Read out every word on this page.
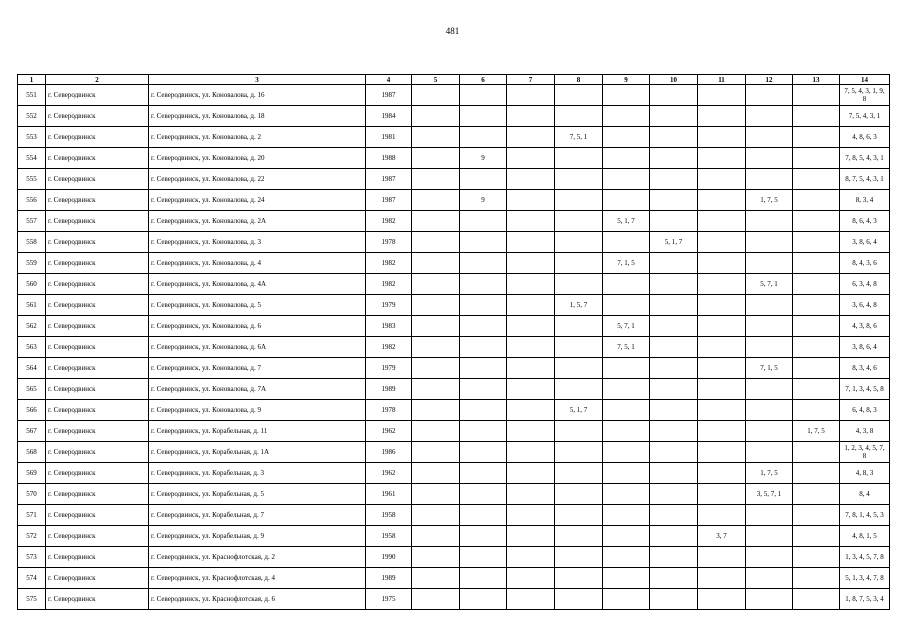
481
1	2	3	4	5	6	7	8	9	10	11	12	13	14
551	г. Северодвинск	г. Северодвинск, ул. Коновалова, д. 16	1987										7, 5, 4, 3, 1, 9, 8
552	г. Северодвинск	г. Северодвинск, ул. Коновалова, д. 18	1984										7, 5, 4, 3, 1
553	г. Северодвинск	г. Северодвинск, ул. Коновалова, д. 2	1981				7, 5, 1						4, 8, 6, 3
554	г. Северодвинск	г. Северодвинск, ул. Коновалова, д. 20	1988		9								7, 8, 5, 4, 3, 1
555	г. Северодвинск	г. Северодвинск, ул. Коновалова, д. 22	1987										8, 7, 5, 4, 3, 1
556	г. Северодвинск	г. Северодвинск, ул. Коновалова, д. 24	1987		9						1, 7, 5		8, 3, 4
557	г. Северодвинск	г. Северодвинск, ул. Коновалова, д. 2А	1982					5, 1, 7					8, 6, 4, 3
558	г. Северодвинск	г. Северодвинск, ул. Коновалова, д. 3	1978						5, 1, 7				3, 8, 6, 4
559	г. Северодвинск	г. Северодвинск, ул. Коновалова, д. 4	1982					7, 1, 5					8, 4, 3, 6
560	г. Северодвинск	г. Северодвинск, ул. Коновалова, д. 4А	1982								5, 7, 1		6, 3, 4, 8
561	г. Северодвинск	г. Северодвинск, ул. Коновалова, д. 5	1979				1, 5, 7						3, 6, 4, 8
562	г. Северодвинск	г. Северодвинск, ул. Коновалова, д. 6	1983					5, 7, 1					4, 3, 8, 6
563	г. Северодвинск	г. Северодвинск, ул. Коновалова, д. 6А	1982					7, 5, 1					3, 8, 6, 4
564	г. Северодвинск	г. Северодвинск, ул. Коновалова, д. 7	1979								7, 1, 5		8, 3, 4, 6
565	г. Северодвинск	г. Северодвинск, ул. Коновалова, д. 7А	1989										7, 1, 3, 4, 5, 8
566	г. Северодвинск	г. Северодвинск, ул. Коновалова, д. 9	1978				5, 1, 7						6, 4, 8, 3
567	г. Северодвинск	г. Северодвинск, ул. Корабельная, д. 11	1962									1, 7, 5	4, 3, 8
568	г. Северодвинск	г. Северодвинск, ул. Корабельная, д. 1А	1986										1, 2, 3, 4, 5, 7, 8
569	г. Северодвинск	г. Северодвинск, ул. Корабельная, д. 3	1962								1, 7, 5		4, 8, 3
570	г. Северодвинск	г. Северодвинск, ул. Корабельная, д. 5	1961								3, 5, 7, 1		8, 4
571	г. Северодвинск	г. Северодвинск, ул. Корабельная, д. 7	1958										7, 8, 1, 4, 5, 3
572	г. Северодвинск	г. Северодвинск, ул. Корабельная, д. 9	1958							3, 7			4, 8, 1, 5
573	г. Северодвинск	г. Северодвинск, ул. Краснофлотская, д. 2	1990										1, 3, 4, 5, 7, 8
574	г. Северодвинск	г. Северодвинск, ул. Краснофлотская, д. 4	1989										5, 1, 3, 4, 7, 8
575	г. Северодвинск	г. Северодвинск, ул. Краснофлотская, д. 6	1975										1, 8, 7, 5, 3, 4
